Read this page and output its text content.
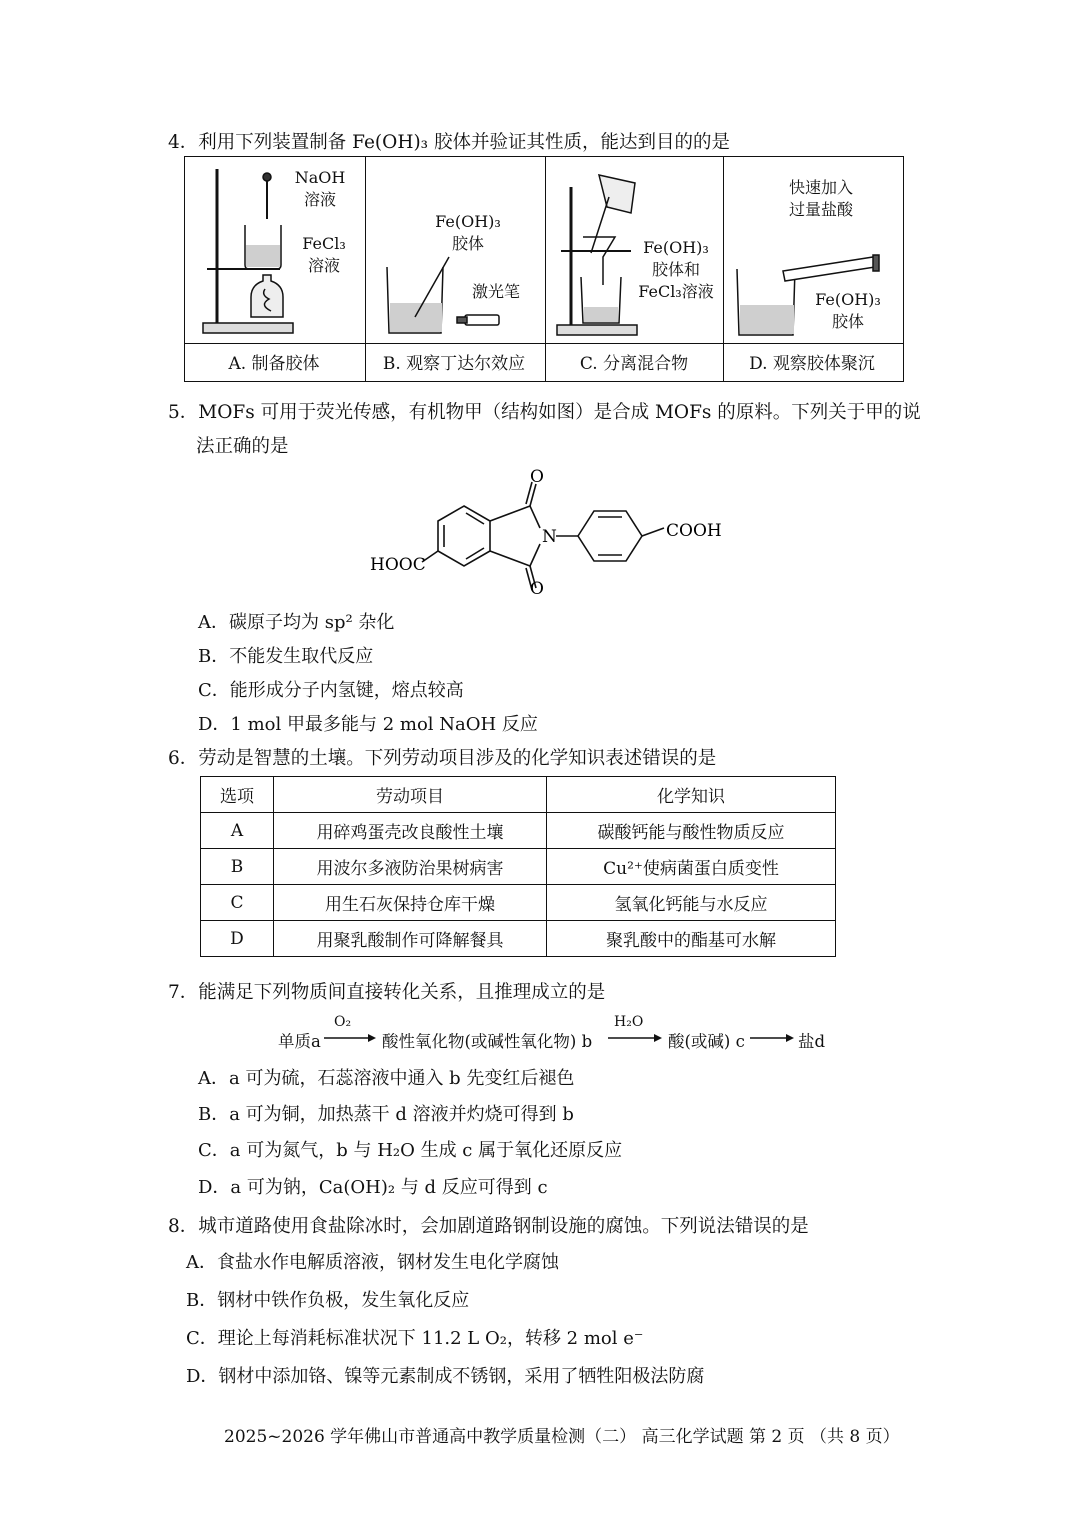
4．利用下列装置制备 Fe(OH)₃ 胶体并验证其性质，能达到目的的是
NaOH
溶液
FeCl₃
溶液
Fe(OH)₃
胶体
激光笔
Fe(OH)₃
胶体和
FeCl₃溶液
快速加入
过量盐酸
Fe(OH)₃
胶体
A. 制备胶体	B. 观察丁达尔效应	C. 分离混合物	D. 观察胶体聚沉
5．MOFs 可用于荧光传感，有机物甲（结构如图）是合成 MOFs 的原料。下列关于甲的说
法正确的是
O
O
N	COOH
HOOC
A．碳原子均为 sp² 杂化
B．不能发生取代反应
C．能形成分子内氢键，熔点较高
D．1 mol 甲最多能与 2 mol NaOH 反应
6．劳动是智慧的土壤。下列劳动项目涉及的化学知识表述错误的是
选项	劳动项目	化学知识
A	用碎鸡蛋壳改良酸性土壤	碳酸钙能与酸性物质反应
B	用波尔多液防治果树病害	Cu²⁺使病菌蛋白质变性
C	用生石灰保持仓库干燥	氢氧化钙能与水反应
D	用聚乳酸制作可降解餐具	聚乳酸中的酯基可水解
7．能满足下列物质间直接转化关系，且推理成立的是
单质a
O₂
酸性氧化物(或碱性氧化物) b
H₂O
酸(或碱) c	盐d
A．a 可为硫，石蕊溶液中通入 b 先变红后褪色
B．a 可为铜，加热蒸干 d 溶液并灼烧可得到 b
C．a 可为氮气，b 与 H₂O 生成 c 属于氧化还原反应
D．a 可为钠，Ca(OH)₂ 与 d 反应可得到 c
8．城市道路使用食盐除冰时，会加剧道路钢制设施的腐蚀。下列说法错误的是
A．食盐水作电解质溶液，钢材发生电化学腐蚀
B．钢材中铁作负极，发生氧化反应
C．理论上每消耗标准状况下 11.2 L O₂，转移 2 mol e⁻
D．钢材中添加铬、镍等元素制成不锈钢，采用了牺牲阳极法防腐
2025~2026 学年佛山市普通高中教学质量检测（二） 高三化学试题 第 2 页 （共 8 页）
